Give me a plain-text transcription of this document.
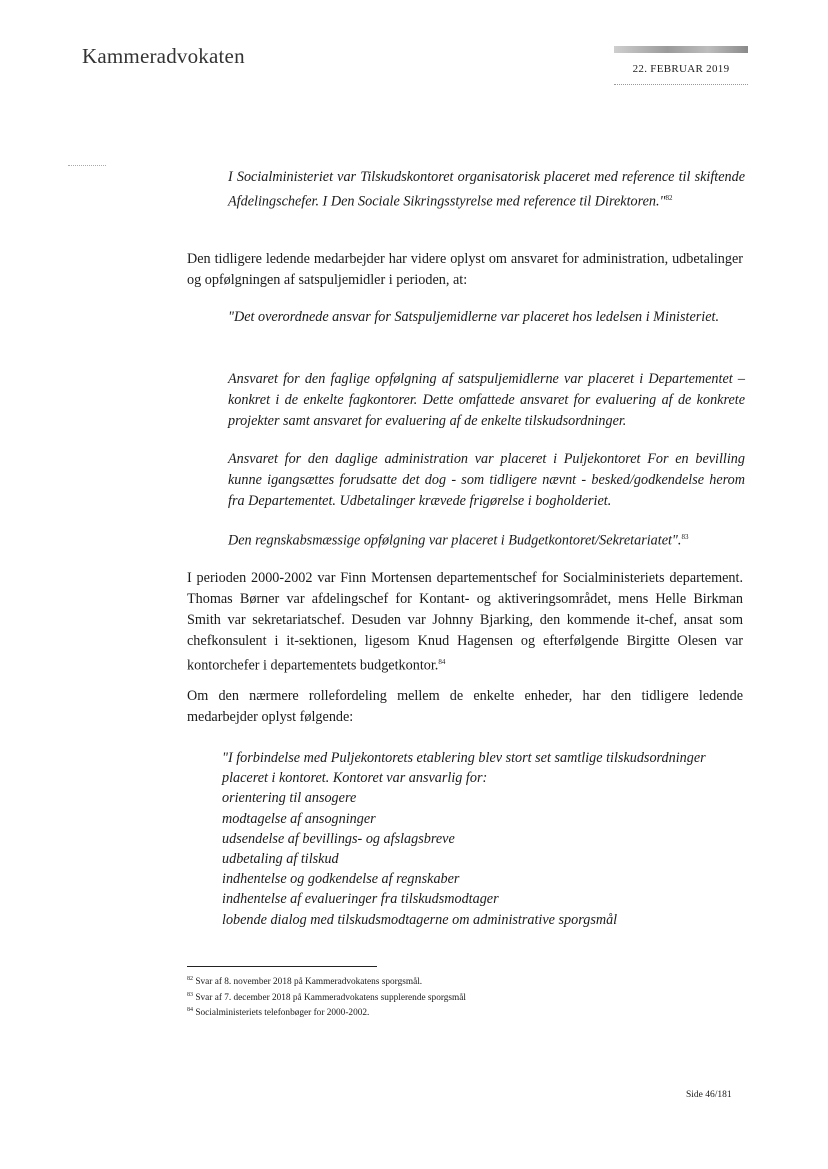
Kammeradvokaten
22. FEBRUAR 2019
I Socialministeriet var Tilskudskontoret organisatorisk placeret med reference til skiftende Afdelingschefer. I Den Sociale Sikringsstyrelse med reference til Direktoren."$^{82}$
Den tidligere ledende medarbejder har videre oplyst om ansvaret for administration, udbetalinger og opfølgningen af satspuljemidler i perioden, at:
"Det overordnede ansvar for Satspuljemidlerne var placeret hos ledelsen i Ministeriet.
Ansvaret for den faglige opfølgning af satspuljemidlerne var placeret i Departementet – konkret i de enkelte fagkontorer. Dette omfattede ansvaret for evaluering af de konkrete projekter samt ansvaret for evaluering af de enkelte tilskudsordninger.
Ansvaret for den daglige administration var placeret i Puljekontoret For en bevilling kunne igangsættes forudsatte det dog - som tidligere nævnt - besked/godkendelse herom fra Departementet. Udbetalinger krævede frigørelse i bogholderiet.
Den regnskabsmæssige opfølgning var placeret i Budgetkontoret/Sekretariatet".$^{83}$
I perioden 2000-2002 var Finn Mortensen departementschef for Socialministeriets departement. Thomas Børner var afdelingschef for Kontant- og aktiveringsområdet, mens Helle Birkman Smith var sekretariatschef. Desuden var Johnny Bjarking, den kommende it-chef, ansat som chefkonsulent i it-sektionen, ligesom Knud Hagensen og efterfølgende Birgitte Olesen var kontorchefer i departementets budgetkontor.$^{84}$
Om den nærmere rollefordeling mellem de enkelte enheder, har den tidligere ledende medarbejder oplyst følgende:
"I forbindelse med Puljekontorets etablering blev stort set samtlige tilskudsordninger
placeret i kontoret. Kontoret var ansvarlig for:
orientering til ansogere
modtagelse af ansogninger
udsendelse af bevillings- og afslagsbreve
udbetaling af tilskud
indhentelse og godkendelse af regnskaber
indhentelse af evalueringer fra tilskudsmodtager
lobende dialog med tilskudsmodtagerne om administrative sporgsmål
$^{82}$ Svar af 8. november 2018 på Kammeradvokatens sporgsmål.
$^{83}$ Svar af 7. december 2018 på Kammeradvokatens supplerende sporgsmål
$^{84}$ Socialministeriets telefonbøger for 2000-2002.
Side 46/181
